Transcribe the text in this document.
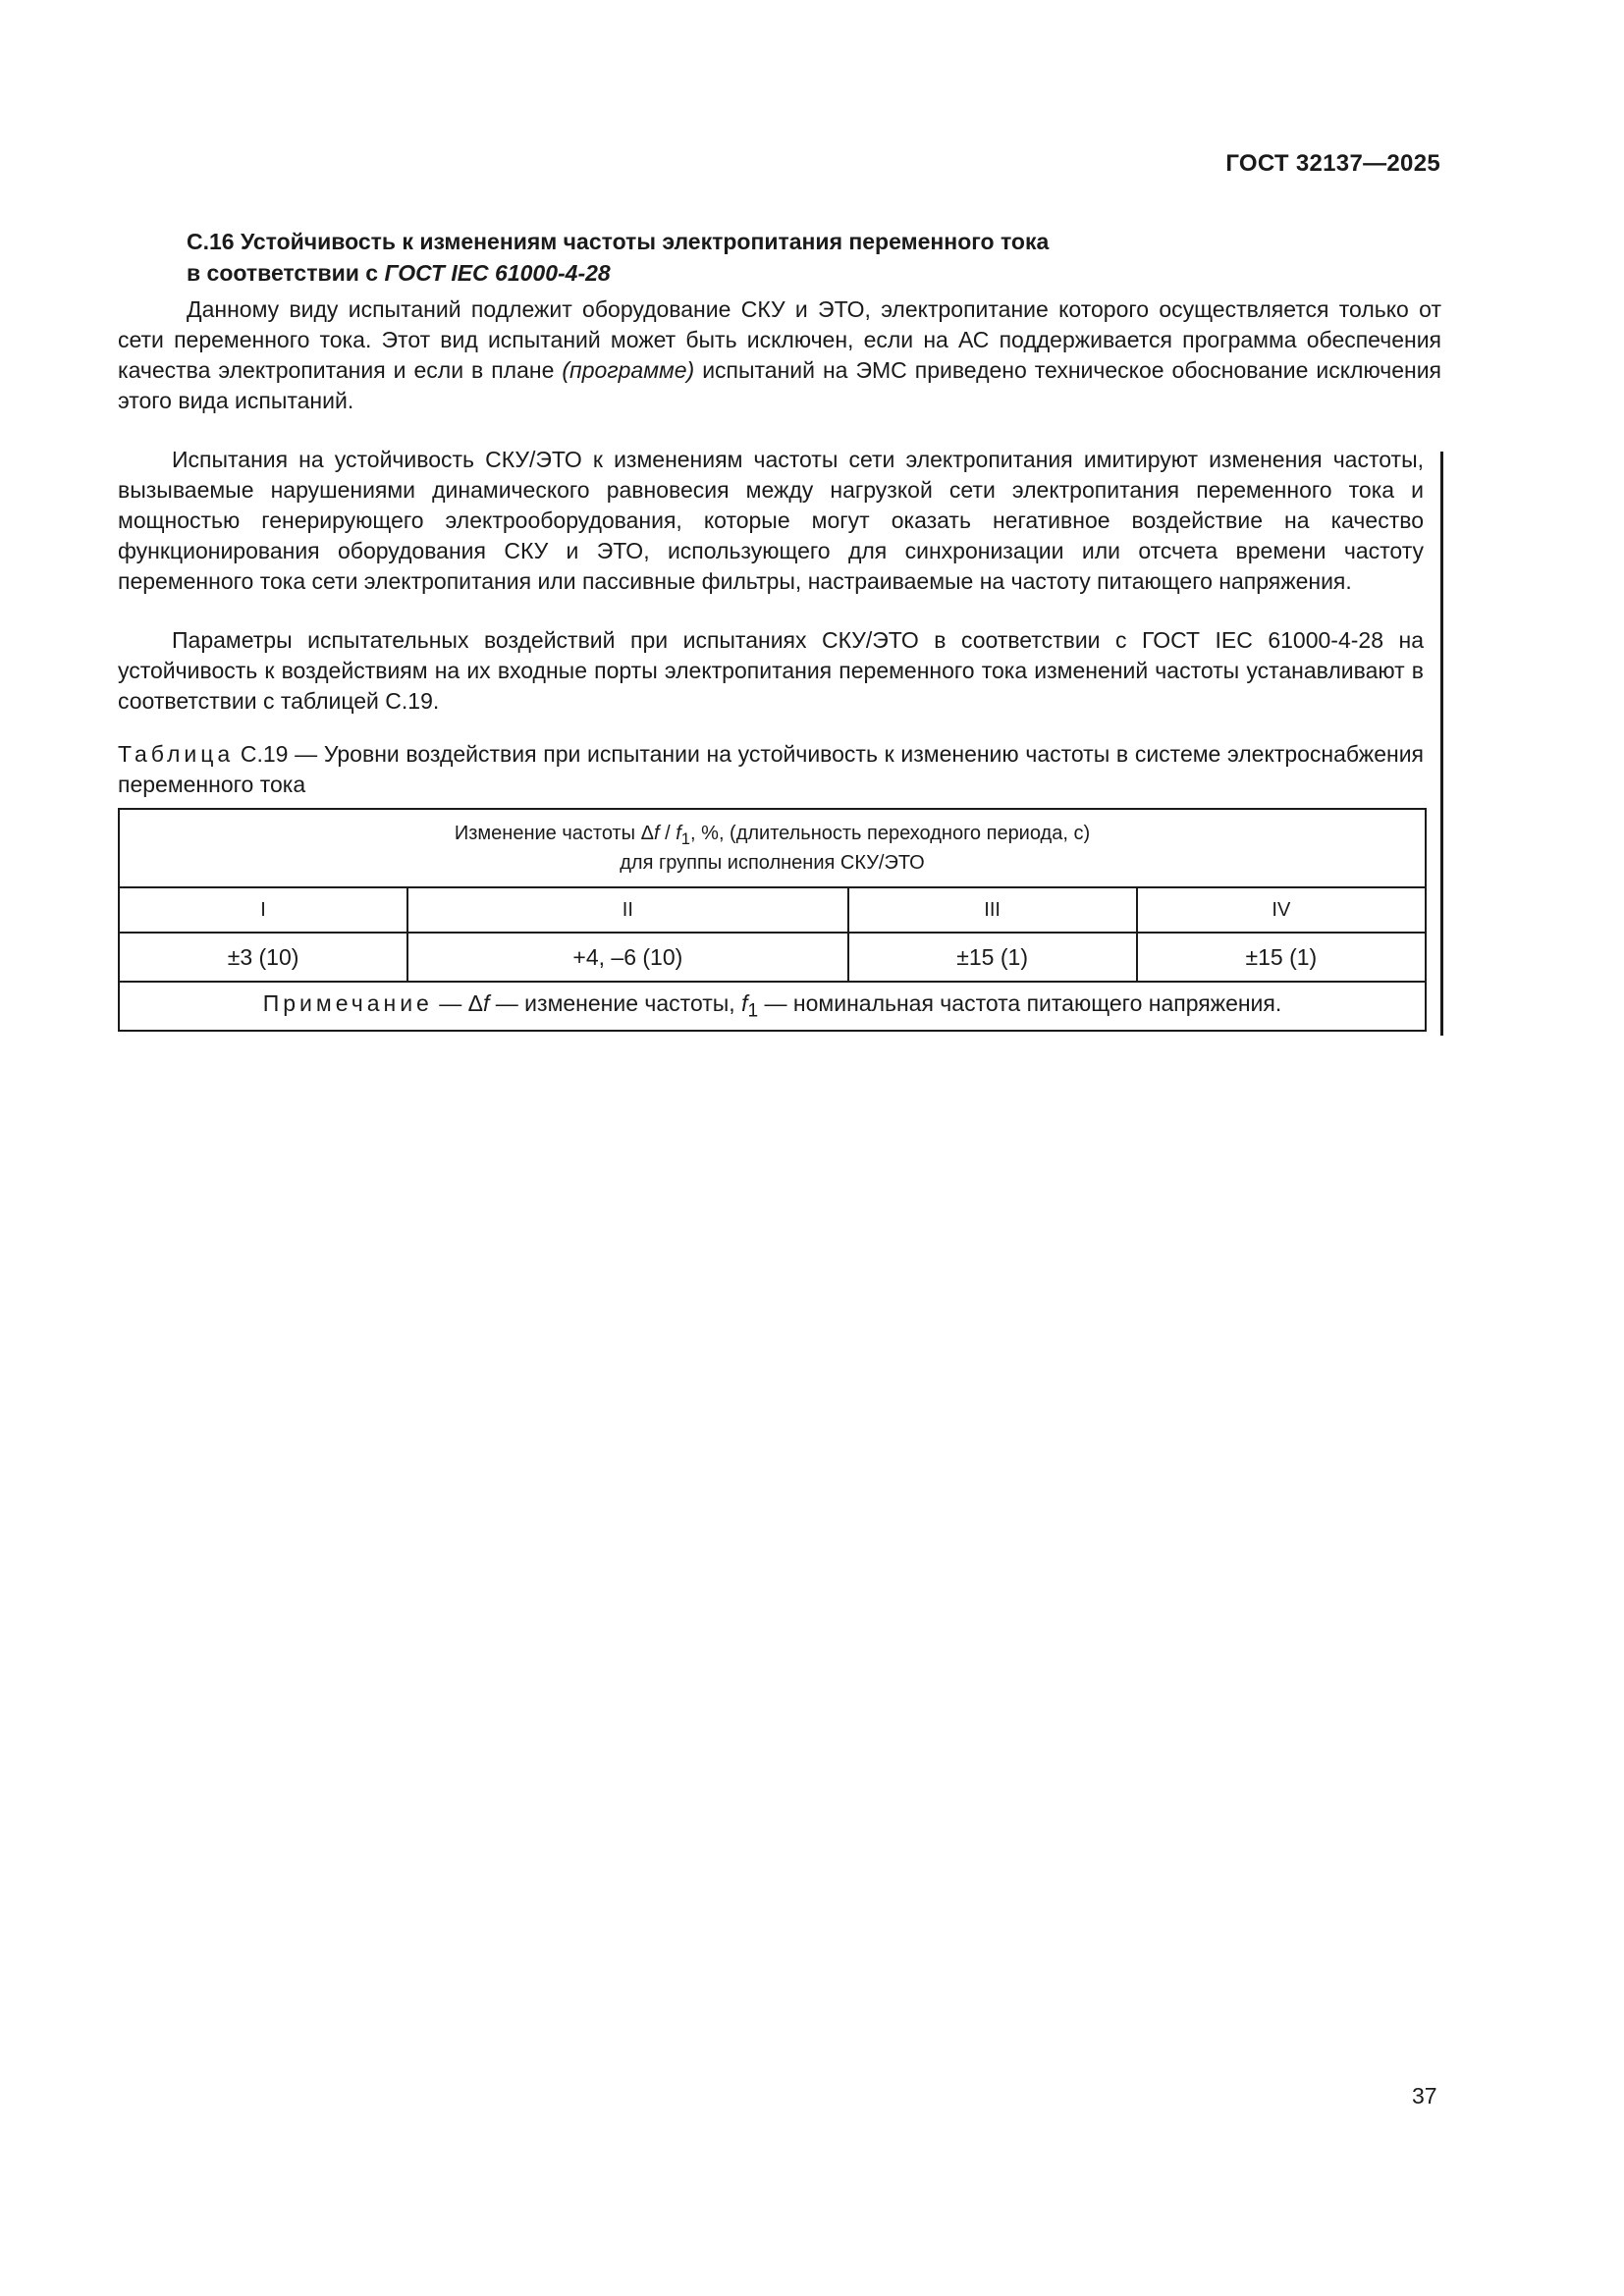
ГОСТ 32137—2025
С.16 Устойчивость к изменениям частоты электропитания переменного тока
в соответствии с ГОСТ IEC 61000-4-28

Данному виду испытаний подлежит оборудование СКУ и ЭТО, электропитание которого осуществляется только от сети переменного тока. Этот вид испытаний может быть исключен, если на АС поддерживается программа обеспечения качества электропитания и если в плане (программе) испытаний на ЭМС приведено техническое обоснование исключения этого вида испытаний.

Испытания на устойчивость СКУ/ЭТО к изменениям частоты сети электропитания имитируют изменения частоты, вызываемые нарушениями динамического равновесия между нагрузкой сети электропитания переменного тока и мощностью генерирующего электрооборудования, которые могут оказать негативное воздействие на качество функционирования оборудования СКУ и ЭТО, использующего для синхронизации или отсчета времени частоту переменного тока сети электропитания или пассивные фильтры, настраиваемые на частоту питающего напряжения.

Параметры испытательных воздействий при испытаниях СКУ/ЭТО в соответствии с ГОСТ IEC 61000-4-28 на устойчивость к воздействиям на их входные порты электропитания переменного тока изменений частоты устанавливают в соответствии с таблицей С.19.

Таблица С.19 — Уровни воздействия при испытании на устойчивость к изменению частоты в системе электроснабжения переменного тока
Изменение частоты Δf / $f_1$, %, (длительность переходного периода, с)
для группы исполнения СКУ/ЭТО			

I	II	III	IV
±3 (10)	+4, –6 (10)	±15 (1)	±15 (1)
Примечание — Δf — изменение частоты, $f_1$ — номинальная частота питающего напряжения.			
37
